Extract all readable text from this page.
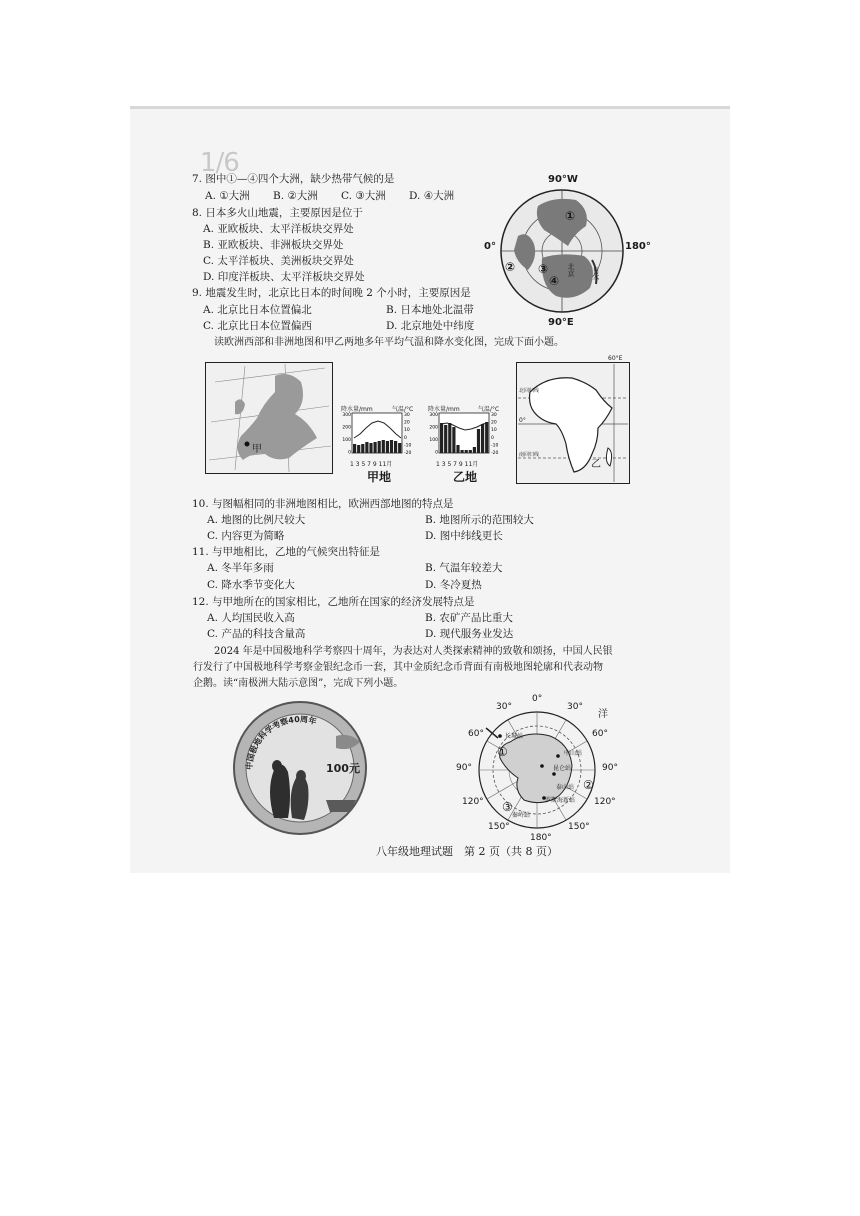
1/6
7. 图中①—④四个大洲，缺少热带气候的是
A. ①大洲 B. ②大洲 C. ③大洲 D. ④大洲
8. 日本多火山地震，主要原因是位于
A. 亚欧板块、太平洋板块交界处
B. 亚欧板块、非洲板块交界处
C. 太平洋板块、美洲板块交界处
D. 印度洋板块、太平洋板块交界处
9. 地震发生时，北京比日本的时间晚 2 个小时，主要原因是
A. 北京比日本位置偏北	B. 日本地处北温带
C. 北京比日本位置偏西	D. 北京地处中纬度
90°W
0°	180°
90°E
①
② ③
④
北京 日本
读欧洲西部和非洲地图和甲乙两地多年平均气温和降水变化图，完成下面小题。
甲
降水量/mm	气温/°C
300
200
100
0
30
20
10
0
-10
-20
1 3 5 7 9 11月
甲地
降水量/mm	气温/°C
300
200
100
0
30
20
10
0
-10
-20
1 3 5 7 9 11月
乙地
60°E
北回归线
0°
南回归线
乙
10. 与图幅相同的非洲地图相比，欧洲西部地图的特点是
A. 地图的比例尺较大	B. 地图所示的范围较大
C. 内容更为简略	D. 图中纬线更长
11. 与甲地相比，乙地的气候突出特征是
A. 冬半年多雨	B. 气温年较差大
C. 降水季节变化大	D. 冬冷夏热
12. 与甲地所在的国家相比，乙地所在国家的经济发展特点是
A. 人均国民收入高	B. 农矿产品比重大
C. 产品的科技含量高	D. 现代服务业发达
2024 年是中国极地科学考察四十周年，为表达对人类探索精神的致敬和颂扬，中国人民银
行发行了中国极地科学考察金银纪念币一套，其中金质纪念币背面有南极地图轮廓和代表动物
企鹅。读“南极洲大陆示意图”，完成下列小题。
中国极地科学考察40周年
100元
0°
30°
60°
90°
120°
150°
180°
150°
120°
90°
60°
30°
洋
①
②
③
长城站
中山站
昆仑站
泰山站
秦岭站
罗斯海新站
八年级地理试题　第 2 页（共 8 页）
